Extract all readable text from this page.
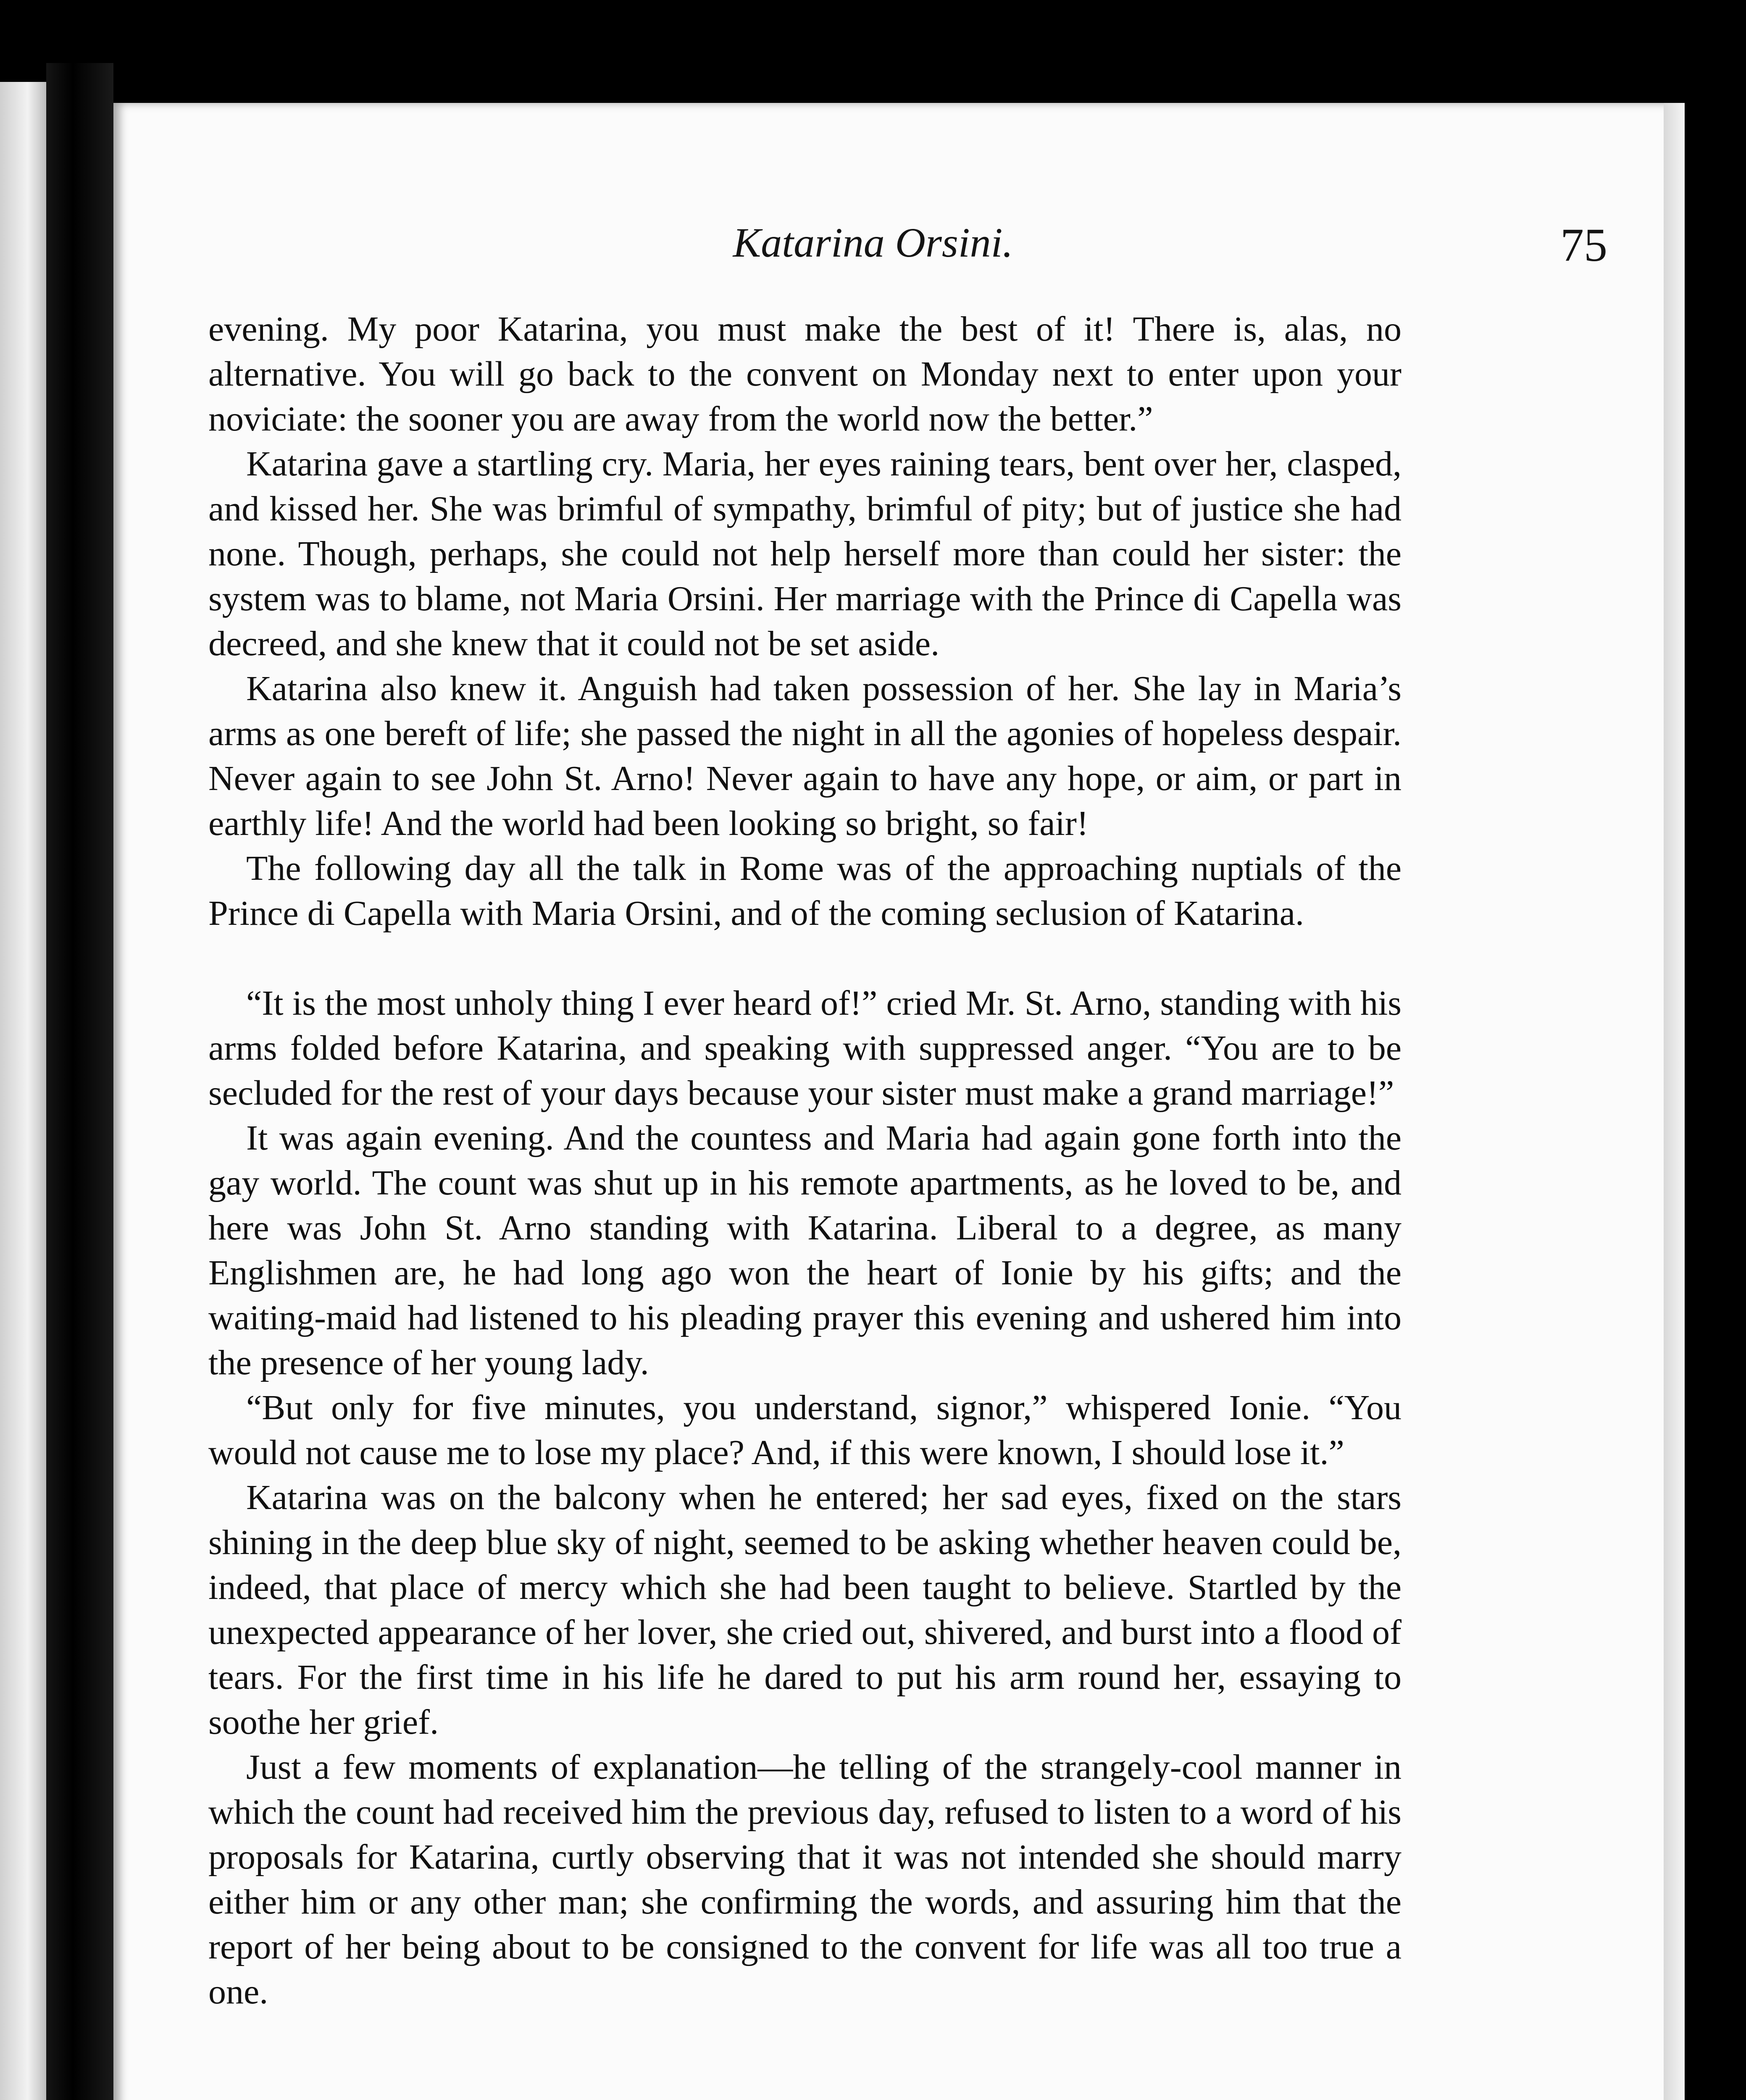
Katarina Orsini.	75

evening. My poor Katarina, you must make the best of it! There is, alas, no alternative. You will go back to the convent on Monday next to enter upon your noviciate: the sooner you are away from the world now the better.”

Katarina gave a startling cry. Maria, her eyes raining tears, bent over her, clasped, and kissed her. She was brimful of sympathy, brimful of pity; but of justice she had none. Though, perhaps, she could not help herself more than could her sister: the system was to blame, not Maria Orsini. Her marriage with the Prince di Capella was decreed, and she knew that it could not be set aside.

Katarina also knew it. Anguish had taken possession of her. She lay in Maria’s arms as one bereft of life; she passed the night in all the agonies of hopeless despair. Never again to see John St. Arno! Never again to have any hope, or aim, or part in earthly life! And the world had been looking so bright, so fair!

The following day all the talk in Rome was of the approaching nuptials of the Prince di Capella with Maria Orsini, and of the coming seclusion of Katarina.

“It is the most unholy thing I ever heard of!” cried Mr. St. Arno, standing with his arms folded before Katarina, and speaking with suppressed anger. “You are to be secluded for the rest of your days because your sister must make a grand marriage!”

It was again evening. And the countess and Maria had again gone forth into the gay world. The count was shut up in his remote apartments, as he loved to be, and here was John St. Arno standing with Katarina. Liberal to a degree, as many Englishmen are, he had long ago won the heart of Ionie by his gifts; and the waiting-maid had listened to his pleading prayer this evening and ushered him into the presence of her young lady.

“But only for five minutes, you understand, signor,” whispered Ionie. “You would not cause me to lose my place? And, if this were known, I should lose it.”

Katarina was on the balcony when he entered; her sad eyes, fixed on the stars shining in the deep blue sky of night, seemed to be asking whether heaven could be, indeed, that place of mercy which she had been taught to believe. Startled by the unexpected appearance of her lover, she cried out, shivered, and burst into a flood of tears. For the first time in his life he dared to put his arm round her, essaying to soothe her grief.

Just a few moments of explanation—he telling of the strangely-cool manner in which the count had received him the previous day, refused to listen to a word of his proposals for Katarina, curtly observing that it was not intended she should marry either him or any other man; she confirming the words, and assuring him that the report of her being about to be consigned to the convent for life was all too true a one.
